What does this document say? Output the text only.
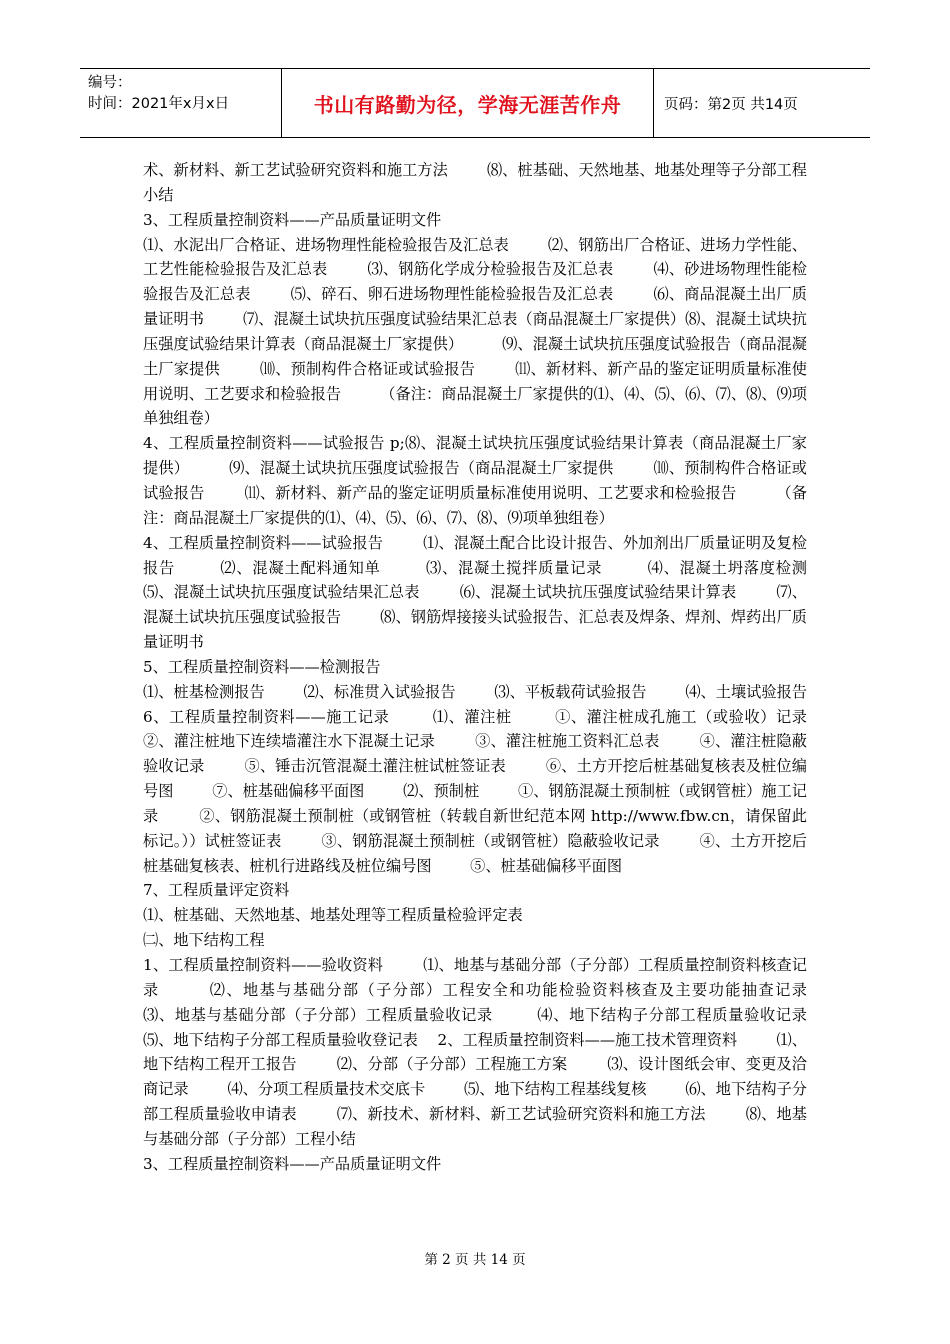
编号：
时间：2021年x月x日	书山有路勤为径，学海无涯苦作舟	页码：第2页 共14页

术、新材料、新工艺试验研究资料和施工方法        ⑻、桩基础、天然地基、地基处理等子分部工程小结

3、工程质量控制资料——产品质量证明文件

⑴、水泥出厂合格证、进场物理性能检验报告及汇总表        ⑵、钢筋出厂合格证、进场力学性能、工艺性能检验报告及汇总表        ⑶、钢筋化学成分检验报告及汇总表        ⑷、砂进场物理性能检验报告及汇总表        ⑸、碎石、卵石进场物理性能检验报告及汇总表        ⑹、商品混凝土出厂质量证明书        ⑺、混凝土试块抗压强度试验结果汇总表（商品混凝土厂家提供）⑻、混凝土试块抗压强度试验结果计算表（商品混凝土厂家提供）        ⑼、混凝土试块抗压强度试验报告（商品混凝土厂家提供        ⑽、预制构件合格证或试验报告        ⑾、新材料、新产品的鉴定证明质量标准使用说明、工艺要求和检验报告        （备注：商品混凝土厂家提供的⑴、⑷、⑸、⑹、⑺、⑻、⑼项单独组卷）

4、工程质量控制资料——试验报告 p;⑻、混凝土试块抗压强度试验结果计算表（商品混凝土厂家提供）        ⑼、混凝土试块抗压强度试验报告（商品混凝土厂家提供        ⑽、预制构件合格证或试验报告        ⑾、新材料、新产品的鉴定证明质量标准使用说明、工艺要求和检验报告        （备注：商品混凝土厂家提供的⑴、⑷、⑸、⑹、⑺、⑻、⑼项单独组卷）

4、工程质量控制资料——试验报告        ⑴、混凝土配合比设计报告、外加剂出厂质量证明及复检报告        ⑵、混凝土配料通知单        ⑶、混凝土搅拌质量记录        ⑷、混凝土坍落度检测        ⑸、混凝土试块抗压强度试验结果汇总表        ⑹、混凝土试块抗压强度试验结果计算表        ⑺、混凝土试块抗压强度试验报告        ⑻、钢筋焊接接头试验报告、汇总表及焊条、焊剂、焊药出厂质量证明书

5、工程质量控制资料——检测报告

⑴、桩基检测报告        ⑵、标准贯入试验报告        ⑶、平板载荷试验报告        ⑷、土壤试验报告    6、工程质量控制资料——施工记录        ⑴、灌注桩        ①、灌注桩成孔施工（或验收）记录        ②、灌注桩地下连续墙灌注水下混凝土记录        ③、灌注桩施工资料汇总表        ④、灌注桩隐蔽验收记录        ⑤、锤击沉管混凝土灌注桩试桩签证表        ⑥、土方开挖后桩基础复核表及桩位编号图        ⑦、桩基础偏移平面图        ⑵、预制桩        ①、钢筋混凝土预制桩（或钢管桩）施工记录        ②、钢筋混凝土预制桩（或钢管桩（转载自新世纪范本网 http://www.fbw.cn，请保留此标记。））试桩签证表        ③、钢筋混凝土预制桩（或钢管桩）隐蔽验收记录        ④、土方开挖后桩基础复核表、桩机行进路线及桩位编号图        ⑤、桩基础偏移平面图

7、工程质量评定资料

⑴、桩基础、天然地基、地基处理等工程质量检验评定表

㈡、地下结构工程

1、工程质量控制资料——验收资料        ⑴、地基与基础分部（子分部）工程质量控制资料核查记录        ⑵、地基与基础分部（子分部）工程安全和功能检验资料核查及主要功能抽查记录        ⑶、地基与基础分部（子分部）工程质量验收记录        ⑷、地下结构子分部工程质量验收记录        ⑸、地下结构子分部工程质量验收登记表    2、工程质量控制资料——施工技术管理资料        ⑴、地下结构工程开工报告        ⑵、分部（子分部）工程施工方案        ⑶、设计图纸会审、变更及洽商记录        ⑷、分项工程质量技术交底卡        ⑸、地下结构工程基线复核        ⑹、地下结构子分部工程质量验收申请表        ⑺、新技术、新材料、新工艺试验研究资料和施工方法        ⑻、地基与基础分部（子分部）工程小结

3、工程质量控制资料——产品质量证明文件

第 2 页 共 14 页
